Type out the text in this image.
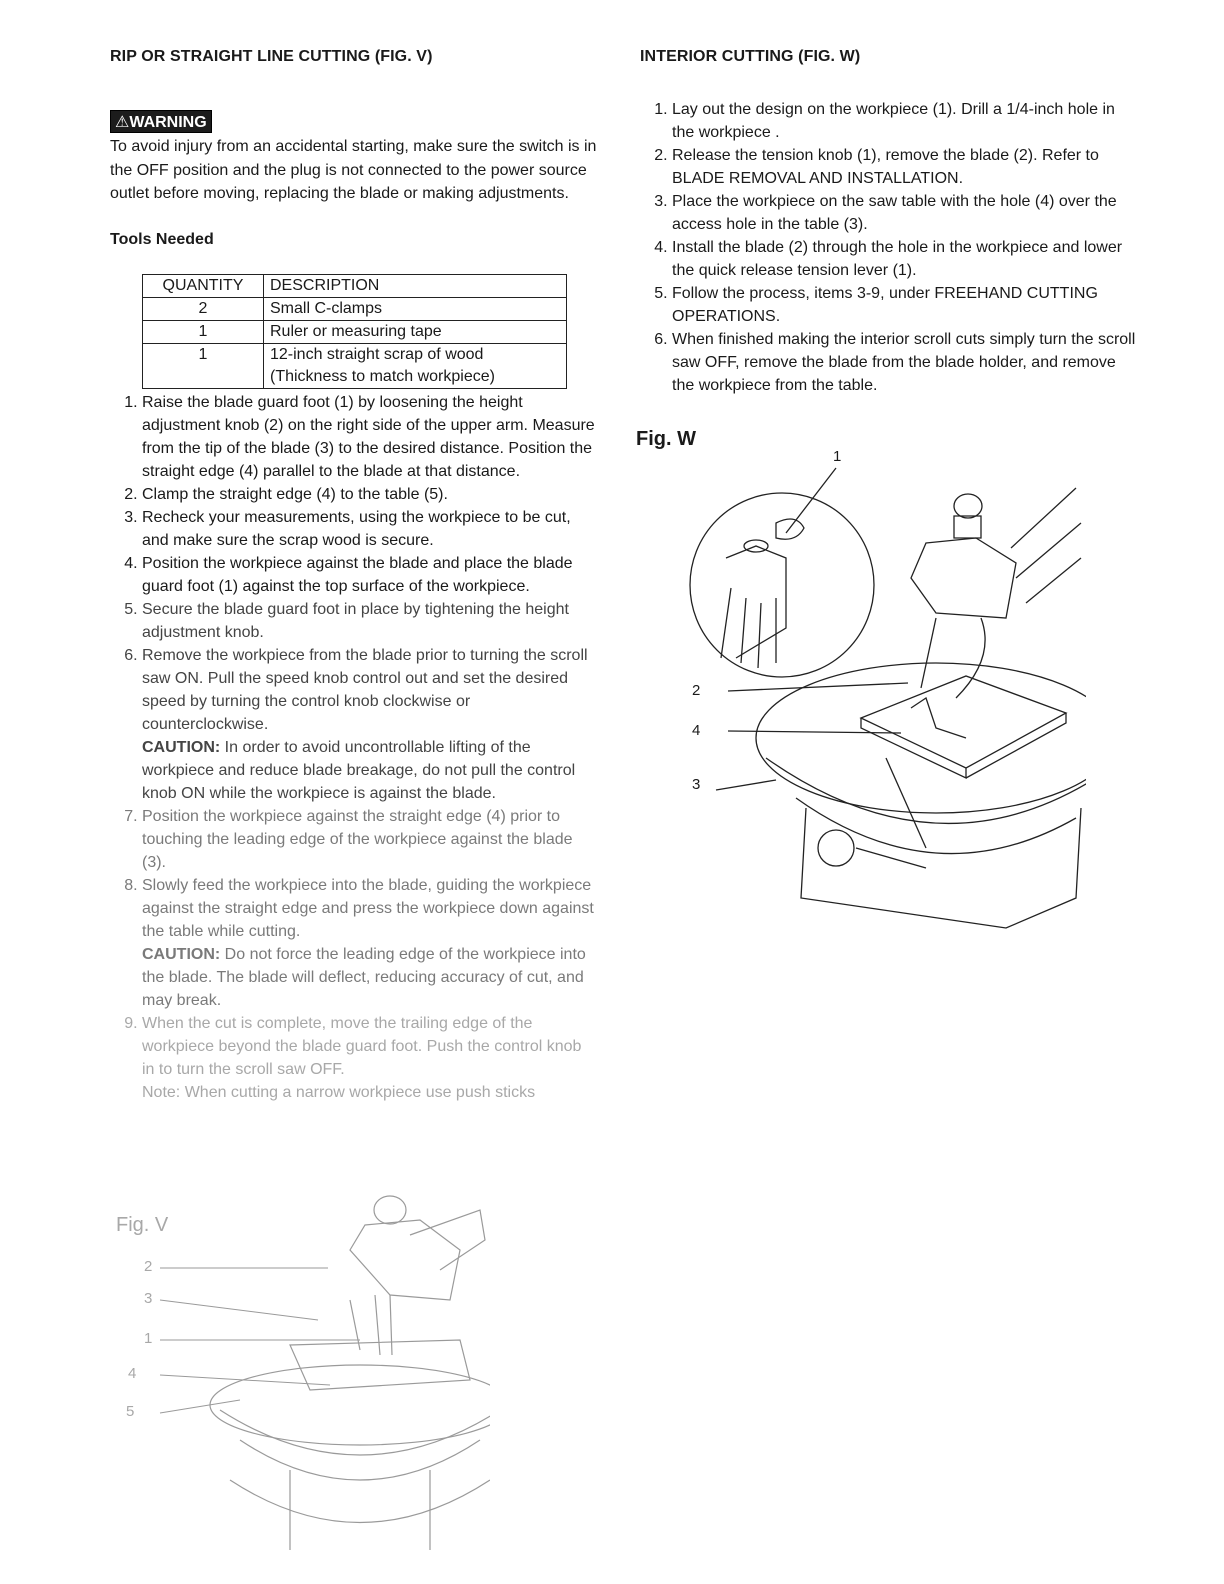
RIP OR STRAIGHT LINE CUTTING (FIG. V)
⚠WARNING

To avoid injury from an accidental starting, make sure the switch is in the OFF position and the plug is not connected to the power source outlet before moving, replacing the blade or making adjustments.

Tools Needed

QUANTITY	DESCRIPTION
2	Small C-clamps
1	Ruler or measuring tape
1	12-inch straight scrap of wood (Thickness to match workpiece)
1. Raise the blade guard foot (1) by loosening the height adjustment knob (2) on the right side of the upper arm. Measure from the tip of the blade (3) to the desired distance. Position the straight edge (4) parallel to the blade at that distance.
2. Clamp the straight edge (4) to the table (5).
3. Recheck your measurements, using the workpiece to be cut, and make sure the scrap wood is secure.
4. Position the workpiece against the blade and place the blade guard foot (1) against the top surface of the workpiece.
5. Secure the blade guard foot in place by tightening the height adjustment knob.
6. Remove the workpiece from the blade prior to turning the scroll saw ON. Pull the speed knob control out and set the desired speed by turning the control knob clockwise or counterclockwise.
CAUTION: In order to avoid uncontrollable lifting of the workpiece and reduce blade breakage, do not pull the control knob ON while the workpiece is against the blade.
7. Position the workpiece against the straight edge (4) prior to touching the leading edge of the workpiece against the blade (3).
8. Slowly feed the workpiece into the blade, guiding the workpiece against the straight edge and press the workpiece down against the table while cutting.
CAUTION: Do not force the leading edge of the workpiece into the blade. The blade will deflect, reducing accuracy of cut, and may break.
9. When the cut is complete, move the trailing edge of the workpiece beyond the blade guard foot. Push the control knob in to turn the scroll saw OFF.
Note: When cutting a narrow workpiece use push sticks
Fig. V
2
3
1
4
5
INTERIOR CUTTING (FIG. W)
1. Lay out the design on the workpiece (1). Drill a 1/4-inch hole in the workpiece .
2. Release the tension knob (1), remove the blade (2). Refer to BLADE REMOVAL AND INSTALLATION.
3. Place the workpiece on the saw table with the hole (4) over the access hole in the table (3).
4. Install the blade (2) through the hole in the workpiece and lower the quick release tension lever (1).
5. Follow the process, items 3-9, under FREEHAND CUTTING OPERATIONS.
6. When finished making the interior scroll cuts simply turn the scroll saw OFF, remove the blade from the blade holder, and remove the workpiece from the table.
Fig. W
1
2
4
3
